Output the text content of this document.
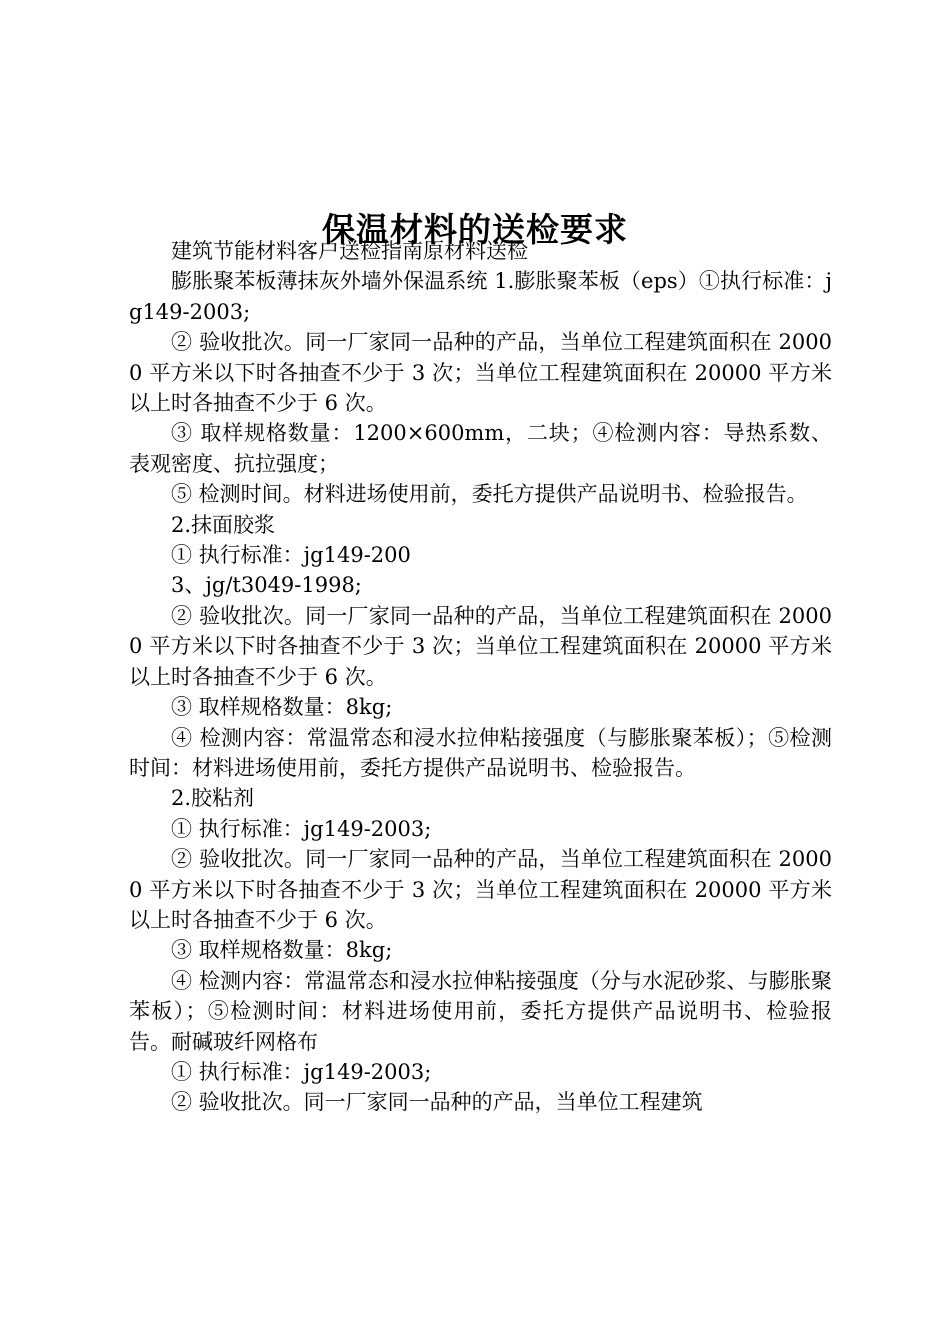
保温材料的送检要求

建筑节能材料客户送检指南原材料送检

膨胀聚苯板薄抹灰外墙外保温系统 1.膨胀聚苯板（eps）①执行标准：jg149-2003;

② 验收批次。同一厂家同一品种的产品，当单位工程建筑面积在 20000 平方米以下时各抽查不少于 3 次；当单位工程建筑面积在 20000 平方米以上时各抽查不少于 6 次。

③ 取样规格数量：1200×600mm，二块；④检测内容：导热系数、表观密度、抗拉强度；

⑤ 检测时间。材料进场使用前，委托方提供产品说明书、检验报告。

2.抹面胶浆

① 执行标准：jg149-200

3、jg/t3049-1998;

② 验收批次。同一厂家同一品种的产品，当单位工程建筑面积在 20000 平方米以下时各抽查不少于 3 次；当单位工程建筑面积在 20000 平方米以上时各抽查不少于 6 次。

③ 取样规格数量：8kg;

④ 检测内容：常温常态和浸水拉伸粘接强度（与膨胀聚苯板）；⑤检测时间：材料进场使用前，委托方提供产品说明书、检验报告。

2.胶粘剂

① 执行标准：jg149-2003;

② 验收批次。同一厂家同一品种的产品，当单位工程建筑面积在 20000 平方米以下时各抽查不少于 3 次；当单位工程建筑面积在 20000 平方米以上时各抽查不少于 6 次。

③ 取样规格数量：8kg;

④ 检测内容：常温常态和浸水拉伸粘接强度（分与水泥砂浆、与膨胀聚苯板）；⑤检测时间：材料进场使用前，委托方提供产品说明书、检验报告。耐碱玻纤网格布

① 执行标准：jg149-2003;

② 验收批次。同一厂家同一品种的产品，当单位工程建筑
